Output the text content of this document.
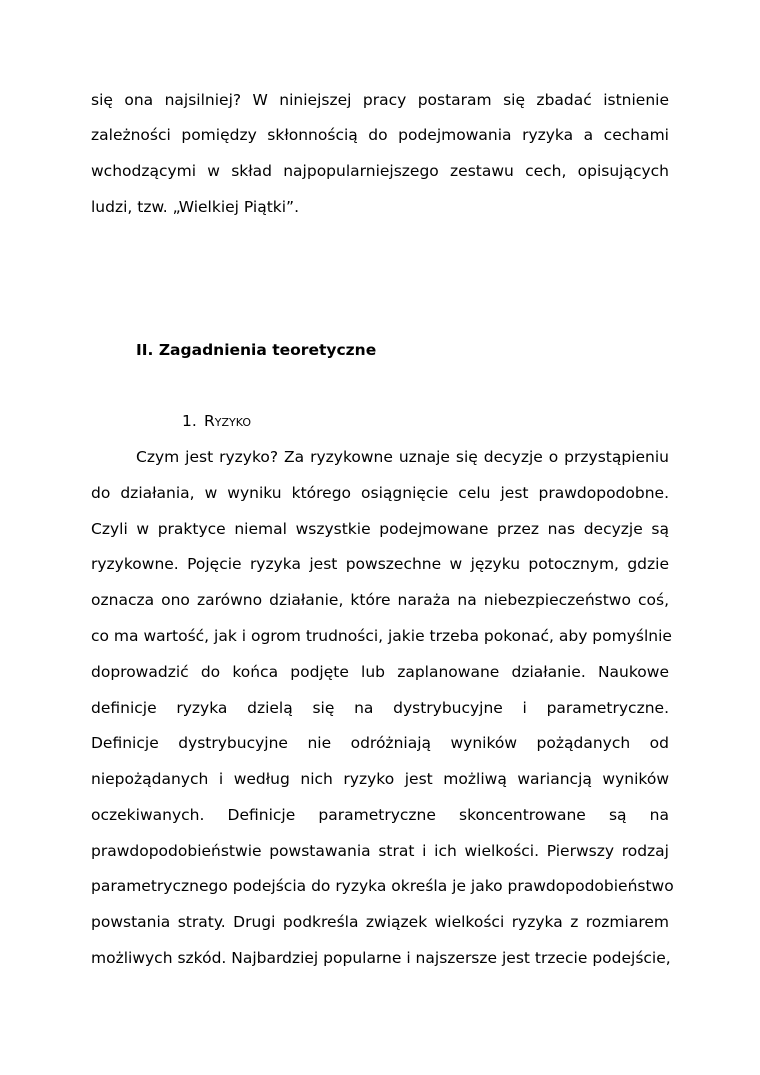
się ona najsilniej? W niniejszej pracy postaram się zbadać istnienie
zależności pomiędzy skłonnością do podejmowania ryzyka a cechami
wchodzącymi w skład najpopularniejszego zestawu cech, opisujących
ludzi, tzw. „Wielkiej Piątki”.
II. Zagadnienia teoretyczne
1. Ryzyko
Czym jest ryzyko? Za ryzykowne uznaje się decyzje o przystąpieniu
do działania, w wyniku którego osiągnięcie celu jest prawdopodobne.
Czyli w praktyce niemal wszystkie podejmowane przez nas decyzje są
ryzykowne. Pojęcie ryzyka jest powszechne w języku potocznym, gdzie
oznacza ono zarówno działanie, które naraża na niebezpieczeństwo coś,
co ma wartość, jak i ogrom trudności, jakie trzeba pokonać, aby pomyślnie
doprowadzić do końca podjęte lub zaplanowane działanie. Naukowe
definicje ryzyka dzielą się na dystrybucyjne i parametryczne.
Definicje dystrybucyjne nie odróżniają wyników pożądanych od
niepożądanych i według nich ryzyko jest możliwą wariancją wyników
oczekiwanych. Definicje parametryczne skoncentrowane są na
prawdopodobieństwie powstawania strat i ich wielkości. Pierwszy rodzaj
parametrycznego podejścia do ryzyka określa je jako prawdopodobieństwo
powstania straty. Drugi podkreśla związek wielkości ryzyka z rozmiarem
możliwych szkód. Najbardziej popularne i najszersze jest trzecie podejście,
